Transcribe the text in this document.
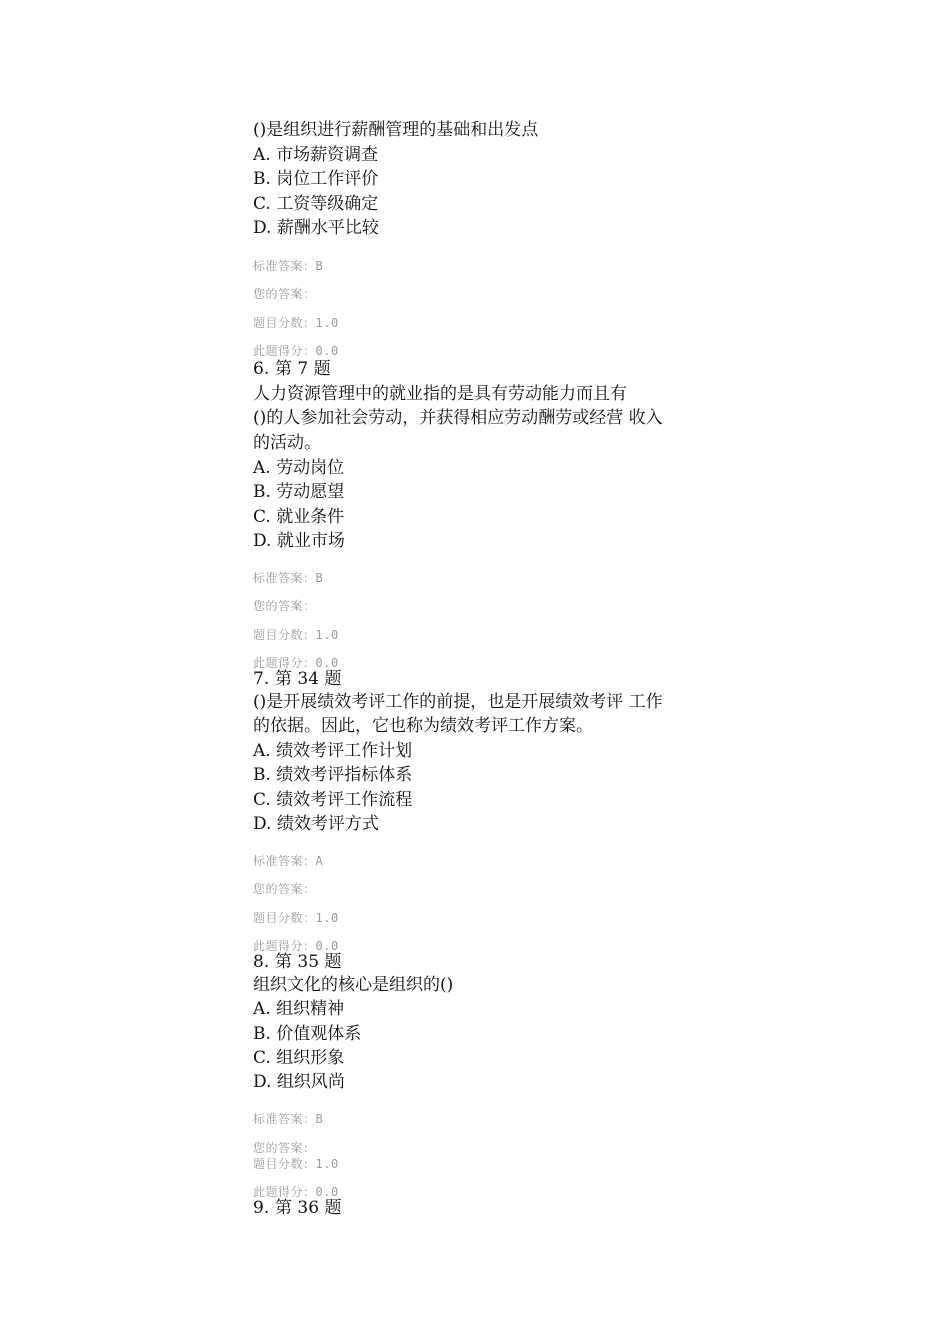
()是组织进行薪酬管理的基础和出发点
A. 市场薪资调查
B. 岗位工作评价
C. 工资等级确定
D. 薪酬水平比较
标准答案：B
您的答案：
题目分数：1.0
此题得分：0.0
6. 第 7 题
人力资源管理中的就业指的是具有劳动能力而且有
()的人参加社会劳动，并获得相应劳动酬劳或经营 收入
的活动。
A. 劳动岗位
B. 劳动愿望
C. 就业条件
D. 就业市场
标准答案：B
您的答案：
题目分数：1.0
此题得分：0.0
7. 第 34 题
()是开展绩效考评工作的前提，也是开展绩效考评 工作
的依据。因此，它也称为绩效考评工作方案。
A. 绩效考评工作计划
B. 绩效考评指标体系
C. 绩效考评工作流程
D. 绩效考评方式
标准答案：A
您的答案：
题目分数：1.0
此题得分：0.0
8. 第 35 题
组织文化的核心是组织的()
A. 组织精神
B. 价值观体系
C. 组织形象
D. 组织风尚
标准答案：B
您的答案：
题目分数：1.0
此题得分：0.0
9. 第 36 题
